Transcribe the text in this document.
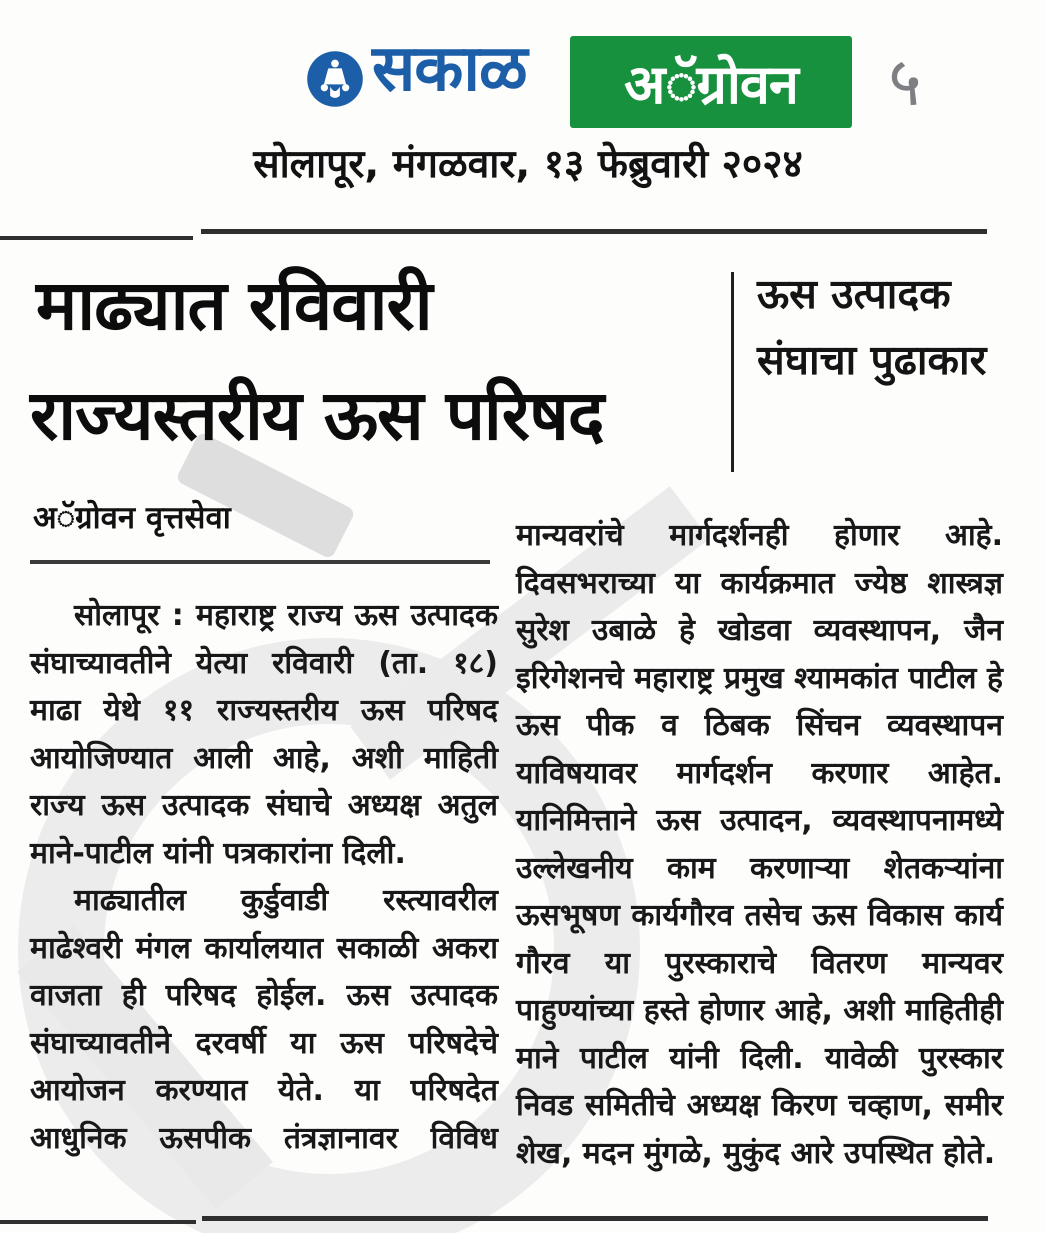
सकाळ अॅग्रोवन ५
सोलापूर, मंगळवार, १३ फेब्रुवारी २०२४
माढ्यात रविवारी
राज्यस्तरीय ऊस परिषद
ऊस उत्पादक संघाचा पुढाकार
अॅग्रोवन वृत्तसेवा

सोलापूर : महाराष्ट्र राज्य ऊस उत्पादक संघाच्यावतीने येत्या रविवारी (ता. १८) माढा येथे ११ राज्यस्तरीय ऊस परिषद आयोजिण्यात आली आहे, अशी माहिती राज्य ऊस उत्पादक संघाचे अध्यक्ष अतुल माने-पाटील यांनी पत्रकारांना दिली.

माढ्यातील कुर्डुवाडी रस्त्यावरील माढेश्वरी मंगल कार्यालयात सकाळी अकरा वाजता ही परिषद होईल. ऊस उत्पादक संघाच्यावतीने दरवर्षी या ऊस परिषदेचे आयोजन करण्यात येते. या परिषदेत आधुनिक ऊसपीक तंत्रज्ञानावर विविध

मान्यवरांचे मार्गदर्शनही होणार आहे. दिवसभराच्या या कार्यक्रमात ज्येष्ठ शास्त्रज्ञ सुरेश उबाळे हे खोडवा व्यवस्थापन, जैन इरिगेशनचे महाराष्ट्र प्रमुख श्यामकांत पाटील हे ऊस पीक व ठिबक सिंचन व्यवस्थापन याविषयावर मार्गदर्शन करणार आहेत. यानिमित्ताने ऊस उत्पादन, व्यवस्थापनामध्ये उल्लेखनीय काम करणाऱ्या शेतकऱ्यांना ऊसभूषण कार्यगौरव तसेच ऊस विकास कार्य गौरव या पुरस्काराचे वितरण मान्यवर पाहुण्यांच्या हस्ते होणार आहे, अशी माहितीही माने पाटील यांनी दिली. यावेळी पुरस्कार निवड समितीचे अध्यक्ष किरण चव्हाण, समीर शेख, मदन मुंगळे, मुकुंद आरे उपस्थित होते.
